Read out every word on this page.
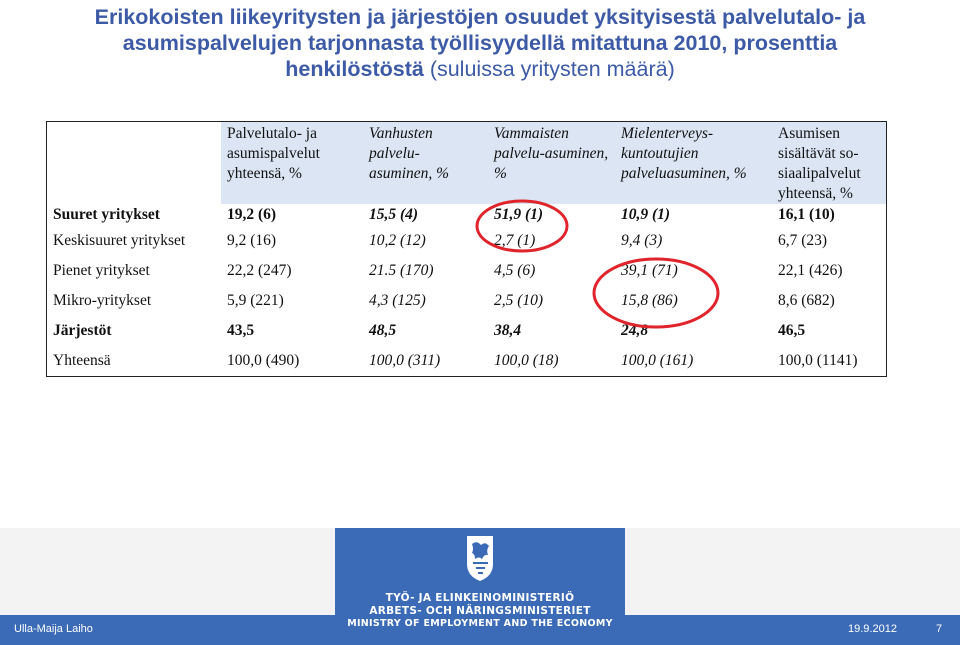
Erikokoisten liikeyritysten ja järjestöjen osuudet yksityisestä palvelutalo- ja
asumispalvelujen tarjonnasta työllisyydellä mitattuna 2010, prosenttia
henkilöstöstä (suluissa yritysten määrä)
	Palvelutalo- ja asumispalvelut yhteensä, %	Vanhusten palvelu-asuminen, %	Vammaisten palvelu-asuminen, %	Mielenterveys-kuntoutujien palveluasuminen, %	Asumisen sisältävät so-siaalipalvelut yhteensä, %
Suuret yritykset	19,2 (6)	15,5 (4)	51,9 (1)	10,9 (1)	16,1 (10)
Keskisuuret yritykset	9,2 (16)	10,2 (12)	2,7 (1)	9,4 (3)	6,7 (23)
Pienet yritykset	22,2 (247)	21.5 (170)	4,5 (6)	39,1 (71)	22,1 (426)
Mikro-yritykset	5,9 (221)	4,3 (125)	2,5 (10)	15,8 (86)	8,6 (682)
Järjestöt	43,5	48,5	38,4	24,8	46,5
Yhteensä	100,0 (490)	100,0 (311)	100,0 (18)	100,0 (161)	100,0 (1141)
TYÖ- JA ELINKEINOMINISTERIÖ
ARBETS- OCH NÄRINGSMINISTERIET
MINISTRY OF EMPLOYMENT AND THE ECONOMY
Ulla-Maija Laiho	19.9.2012	7
